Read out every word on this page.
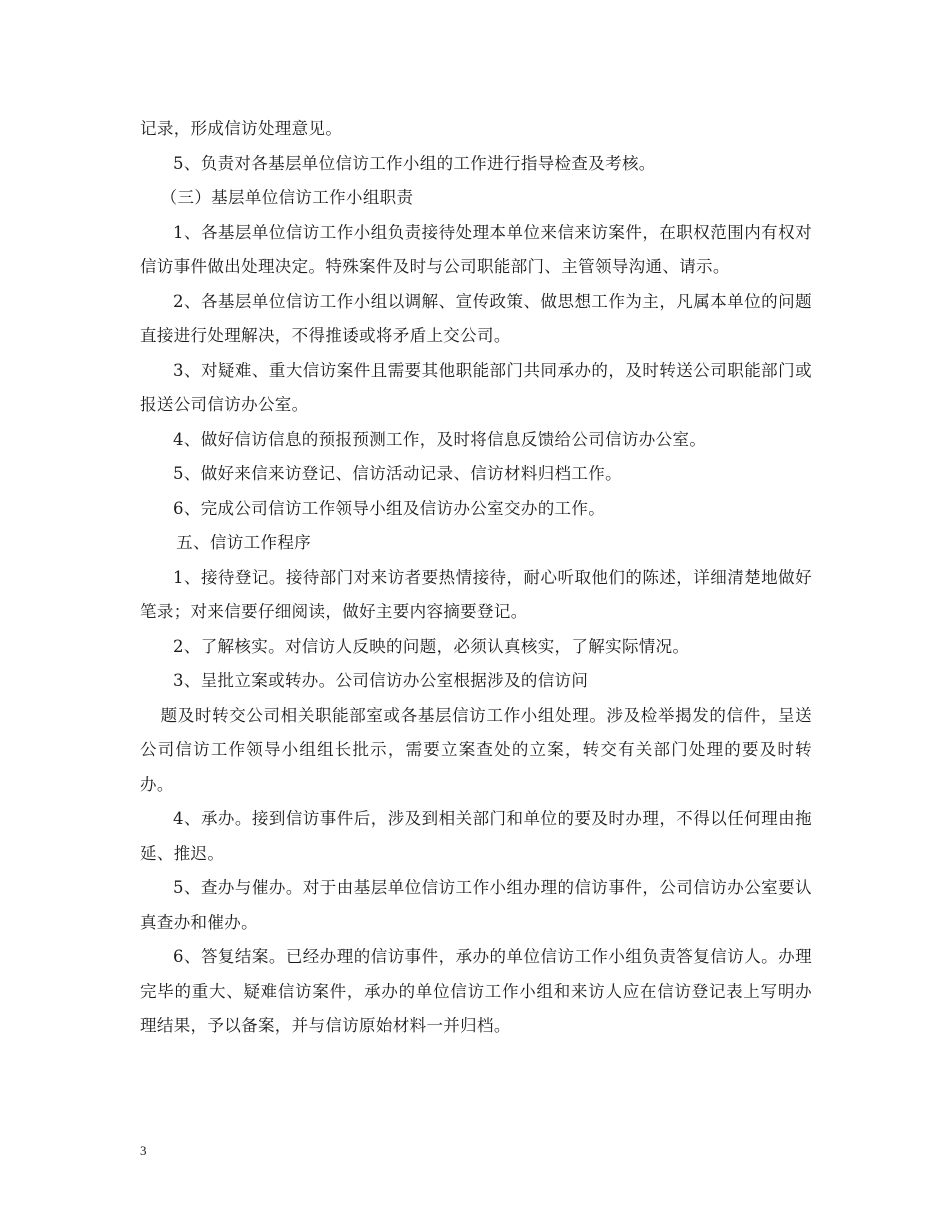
记录，形成信访处理意见。

5、负责对各基层单位信访工作小组的工作进行指导检查及考核。

（三）基层单位信访工作小组职责

1、各基层单位信访工作小组负责接待处理本单位来信来访案件，在职权范围内有权对信访事件做出处理决定。特殊案件及时与公司职能部门、主管领导沟通、请示。

2、各基层单位信访工作小组以调解、宣传政策、做思想工作为主，凡属本单位的问题直接进行处理解决，不得推诿或将矛盾上交公司。

3、对疑难、重大信访案件且需要其他职能部门共同承办的，及时转送公司职能部门或报送公司信访办公室。

4、做好信访信息的预报预测工作，及时将信息反馈给公司信访办公室。

5、做好来信来访登记、信访活动记录、信访材料归档工作。

6、完成公司信访工作领导小组及信访办公室交办的工作。

五、信访工作程序

1、接待登记。接待部门对来访者要热情接待，耐心听取他们的陈述，详细清楚地做好笔录；对来信要仔细阅读，做好主要内容摘要登记。

2、了解核实。对信访人反映的问题，必须认真核实，了解实际情况。

3、呈批立案或转办。公司信访办公室根据涉及的信访问

题及时转交公司相关职能部室或各基层信访工作小组处理。涉及检举揭发的信件，呈送公司信访工作领导小组组长批示，需要立案查处的立案，转交有关部门处理的要及时转办。

4、承办。接到信访事件后，涉及到相关部门和单位的要及时办理，不得以任何理由拖延、推迟。

5、查办与催办。对于由基层单位信访工作小组办理的信访事件，公司信访办公室要认真查办和催办。

6、答复结案。已经办理的信访事件，承办的单位信访工作小组负责答复信访人。办理完毕的重大、疑难信访案件，承办的单位信访工作小组和来访人应在信访登记表上写明办理结果，予以备案，并与信访原始材料一并归档。

3
